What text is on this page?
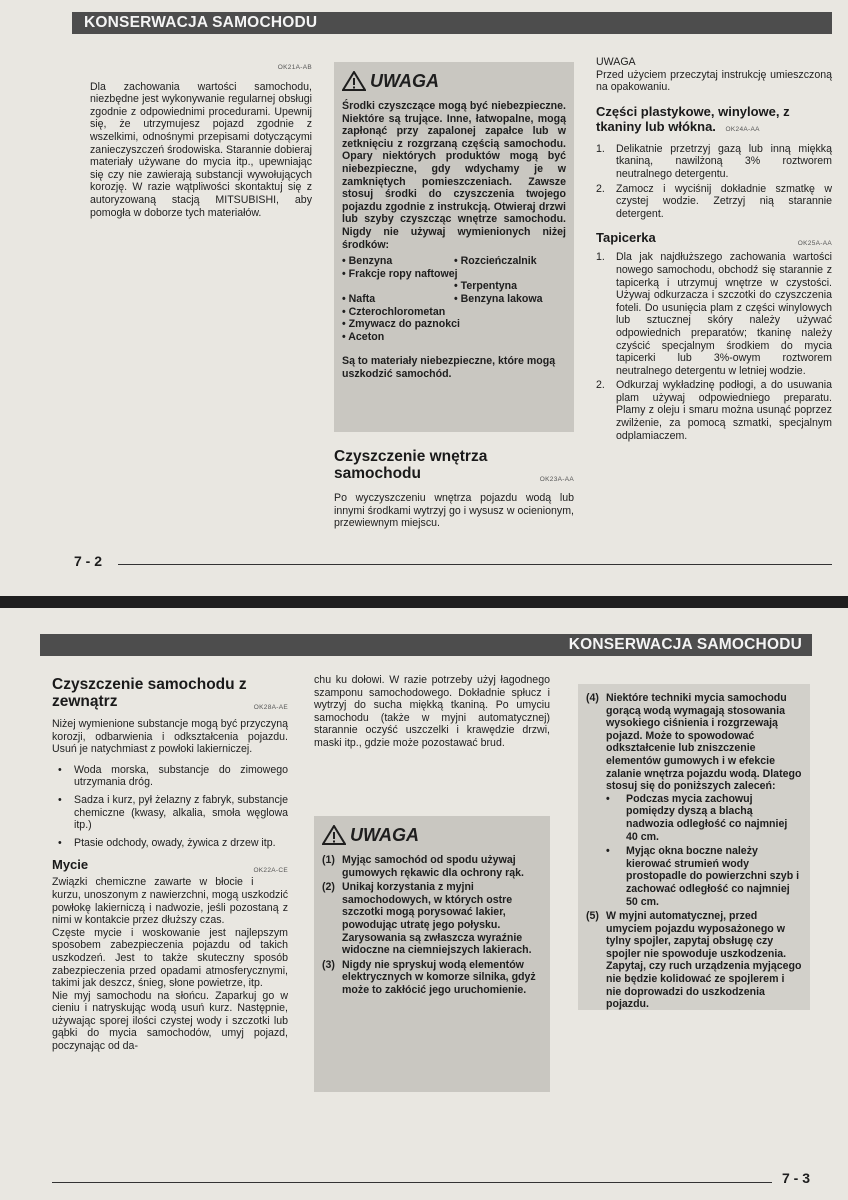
KONSERWACJA SAMOCHODU
OK21A-AB

Dla zachowania wartości samochodu, niezbędne jest wykonywanie regularnej obsługi zgodnie z odpowiednimi procedurami. Upewnij się, że utrzymujesz pojazd zgodnie z wszelkimi, odnośnymi przepisami dotyczącymi zanieczyszczeń środowiska. Starannie dobieraj materiały używane do mycia itp., upewniając się czy nie zawierają substancji wywołujących korozję. W razie wątpliwości skontaktuj się z autoryzowaną stacją MITSUBISHI, aby pomogła w doborze tych materiałów.

UWAGA

Środki czyszczące mogą być niebezpieczne. Niektóre są trujące. Inne, łatwopalne, mogą zapłonąć przy zapalonej zapałce lub w zetknięciu z rozgrzaną częścią samochodu. Opary niektórych produktów mogą być niebezpieczne, gdy wdychamy je w zamkniętych pomieszczeniach. Zawsze stosuj środki do czyszczenia twojego pojazdu zgodnie z instrukcją. Otwieraj drzwi lub szyby czyszcząc wnętrze samochodu. Nigdy nie używaj wymienionych niżej środków:

• Benzyna	• Rozcieńczalnik
• Frakcje ropy naftowej
• Terpentyna
• Nafta	• Benzyna lakowa
• Czterochlorometan
• Zmywacz do paznokci
• Aceton

Są to materiały niebezpieczne, które mogą uszkodzić samochód.

Czyszczenie wnętrza
samochodu	OK23A-AA

Po wyczyszczeniu wnętrza pojazdu wodą lub innymi środkami wytrzyj go i wysusz w ocienionym, przewiewnym miejscu.

UWAGA

Przed użyciem przeczytaj instrukcję umieszczoną na opakowaniu.

Części plastykowe, winylowe, z tkaniny lub włókna. OK24A-AA
1. Delikatnie przetrzyj gazą lub inną miękką tkaniną, nawilżoną 3% roztworem neutralnego detergentu.
2. Zamocz i wyciśnij dokładnie szmatkę w czystej wodzie. Zetrzyj nią starannie detergent.
Tapicerka	OK25A-AA
1. Dla jak najdłuższego zachowania wartości nowego samochodu, obchodź się starannie z tapicerką i utrzymuj wnętrze w czystości. Używaj odkurzacza i szczotki do czyszczenia foteli. Do usunięcia plam z części winylowych lub sztucznej skóry należy używać odpowiednich preparatów; tkaninę należy czyścić specjalnym środkiem do mycia tapicerki lub 3%-owym roztworem neutralnego detergentu w letniej wodzie.
2. Odkurzaj wykładzinę podłogi, a do usuwania plam używaj odpowiedniego preparatu. Plamy z oleju i smaru można usunąć poprzez zwilżenie, za pomocą szmatki, specjalnym odplamiaczem.
7 - 2
KONSERWACJA SAMOCHODU
Czyszczenie samochodu z
zewnątrz	OK28A-AE

Niżej wymienione substancje mogą być przyczyną korozji, odbarwienia i odkształcenia pojazdu. Usuń je natychmiast z powłoki lakierniczej.

• Woda morska, substancje do zimowego utrzymania dróg.
• Sadza i kurz, pył żelazny z fabryk, substancje chemiczne (kwasy, alkalia, smoła węglowa itp.)
• Ptasie odchody, owady, żywica z drzew itp.
Mycie	OK22A-CE

Związki chemiczne zawarte w błocie i kurzu, unoszonym z nawierzchni, mogą uszkodzić powłokę lakierniczą i nadwozie, jeśli pozostaną z nimi w kontakcie przez dłuższy czas.

Częste mycie i woskowanie jest najlepszym sposobem zabezpieczenia pojazdu od takich uszkodzeń. Jest to także skuteczny sposób zabezpieczenia przed opadami atmosferycznymi, takimi jak deszcz, śnieg, słone powietrze, itp.

Nie myj samochodu na słońcu. Zaparkuj go w cieniu i natryskując wodą usuń kurz. Następnie, używając sporej ilości czystej wody i szczotki lub gąbki do mycia samochodów, umyj pojazd, poczynając od da-

chu ku dołowi. W razie potrzeby użyj łagodnego szamponu samochodowego. Dokładnie spłucz i wytrzyj do sucha miękką tkaniną. Po umyciu samochodu (także w myjni automatycznej) starannie oczyść uszczelki i krawędzie drzwi, maski itp., gdzie może pozostawać brud.

UWAGA
(1) Myjąc samochód od spodu używaj gumowych rękawic dla ochrony rąk.
(2) Unikaj korzystania z myjni samochodowych, w których ostre szczotki mogą porysować lakier, powodując utratę jego połysku. Zarysowania są zwłaszcza wyraźnie widoczne na ciemniejszych lakierach.
(3) Nigdy nie spryskuj wodą elementów elektrycznych w komorze silnika, gdyż może to zakłócić jego uruchomienie.
(4) Niektóre techniki mycia samochodu gorącą wodą wymagają stosowania wysokiego ciśnienia i rozgrzewają pojazd. Może to spowodować odkształcenie lub zniszczenie elementów gumowych i w efekcie zalanie wnętrza pojazdu wodą. Dlatego stosuj się do poniższych zaleceń:
• Podczas mycia zachowuj pomiędzy dyszą a blachą nadwozia odległość co najmniej 40 cm.
• Myjąc okna boczne należy kierować strumień wody prostopadle do powierzchni szyb i zachować odległość co najmniej 50 cm.
(5) W myjni automatycznej, przed umyciem pojazdu wyposażonego w tylny spojler, zapytaj obsługę czy spojler nie spowoduje uszkodzenia. Zapytaj, czy ruch urządzenia myjącego nie będzie kolidować ze spojlerem i nie doprowadzi do uszkodzenia pojazdu.
7 - 3
